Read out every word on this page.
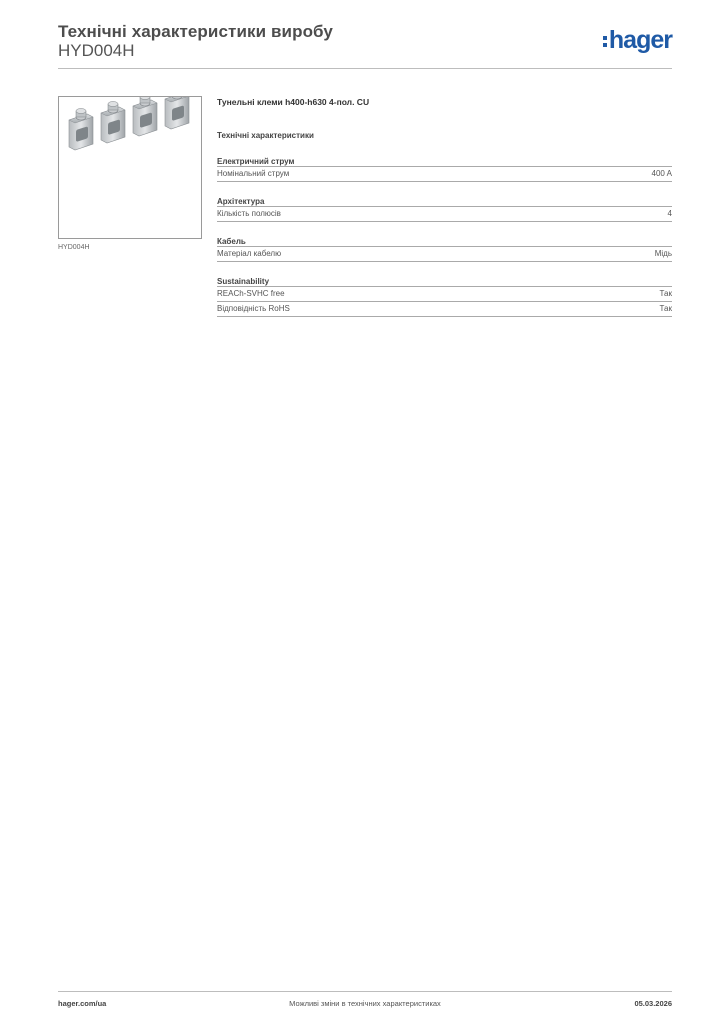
Технічні характеристики виробу
HYD004H	hager
HYD004H
Тунельні клеми h400-h630 4-пол. CU
Технічні характеристики
Електричний струм
Номінальний струм	400 A
Архітектура
Кількість полюсів	4
Кабель
Матеріал кабелю	Мідь
Sustainability
REACh-SVHC free	Так
Відповідність RoHS	Так
hager.com/ua	Можливі зміни в технічних характеристиках	05.03.2026
